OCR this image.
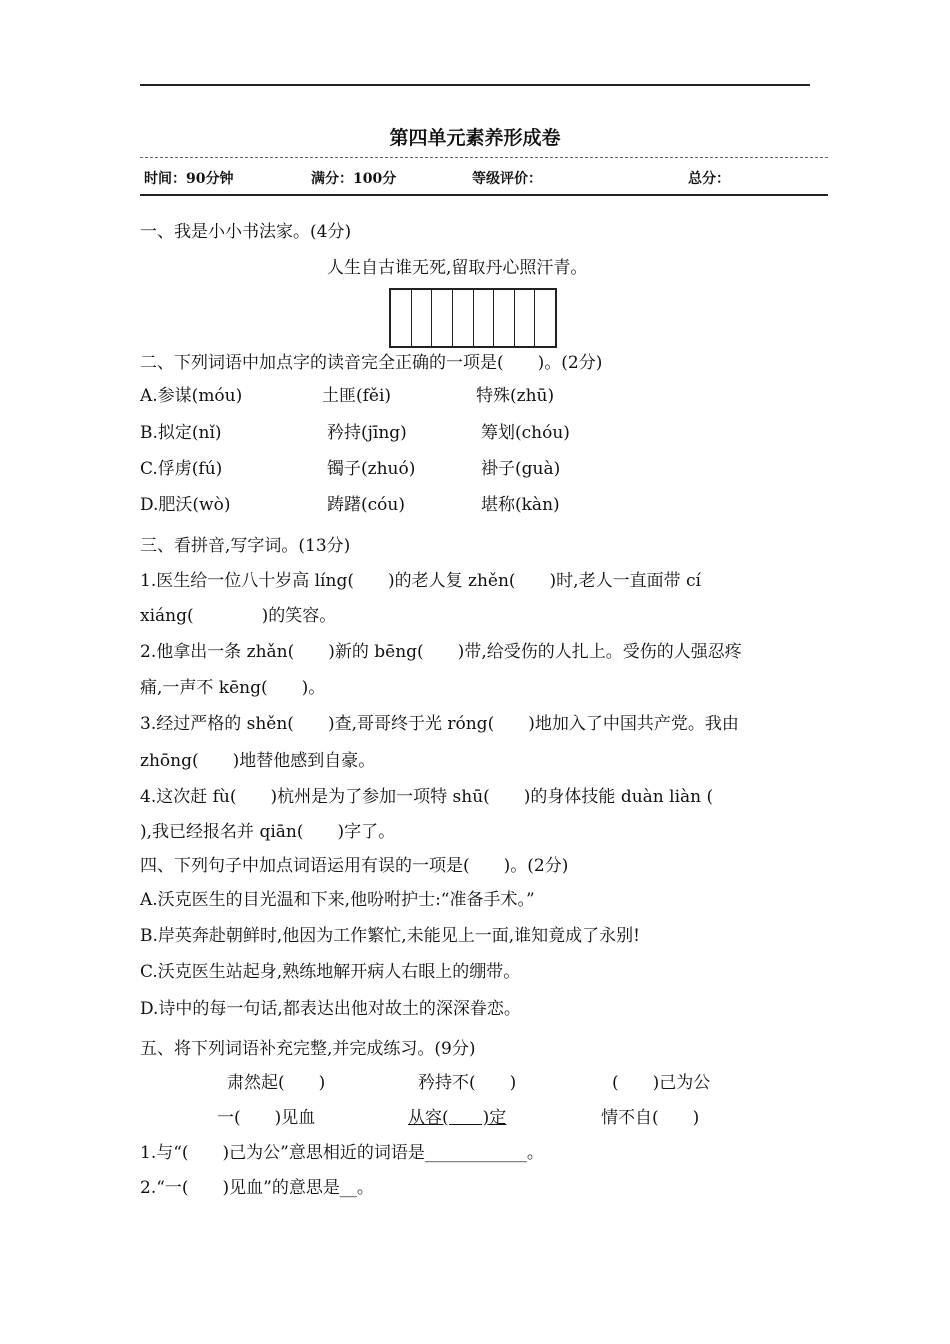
第四单元素养形成卷
时间：90分钟	满分：100分	等级评价：	总分：
一、我是小小书法家。(4分)
人生自古谁无死,留取丹心照汗青。
二、下列词语中加点字的读音完全正确的一项是(　　)。(2分)
A.参谋(móu)	土匪(fěi)	特殊(zhū)
B.拟定(nǐ)	矜持(jīng)	筹划(chóu)
C.俘虏(fú)	镯子(zhuó)	褂子(guà)
D.肥沃(wò)	踌躇(cóu)	堪称(kàn)
三、看拼音,写字词。(13分)
1.医生给一位八十岁高 líng(　　)的老人复 zhěn(　　)时,老人一直面带 cí
xiáng(　　　　)的笑容。
2.他拿出一条 zhǎn(　　)新的 bēng(　　)带,给受伤的人扎上。受伤的人强忍疼
痛,一声不 kēng(　　)。
3.经过严格的 shěn(　　)查,哥哥终于光 róng(　　)地加入了中国共产党。我由
zhōng(　　)地替他感到自豪。
4.这次赶 fù(　　)杭州是为了参加一项特 shū(　　)的身体技能 duàn liàn (
),我已经报名并 qiān(　　)字了。
四、下列句子中加点词语运用有误的一项是(　　)。(2分)
A.沃克医生的目光温和下来,他吩咐护士:“准备手术。”
B.岸英奔赴朝鲜时,他因为工作繁忙,未能见上一面,谁知竟成了永别!
C.沃克医生站起身,熟练地解开病人右眼上的绷带。
D.诗中的每一句话,都表达出他对故土的深深眷恋。
五、将下列词语补充完整,并完成练习。(9分)
肃然起(　　)	矜持不(　　)	(　　)己为公
一(　　)见血	从容(　　)定	情不自(　　)
1.与“(　　)己为公”意思相近的词语是____________。
2.“一(　　)见血”的意思是__。
